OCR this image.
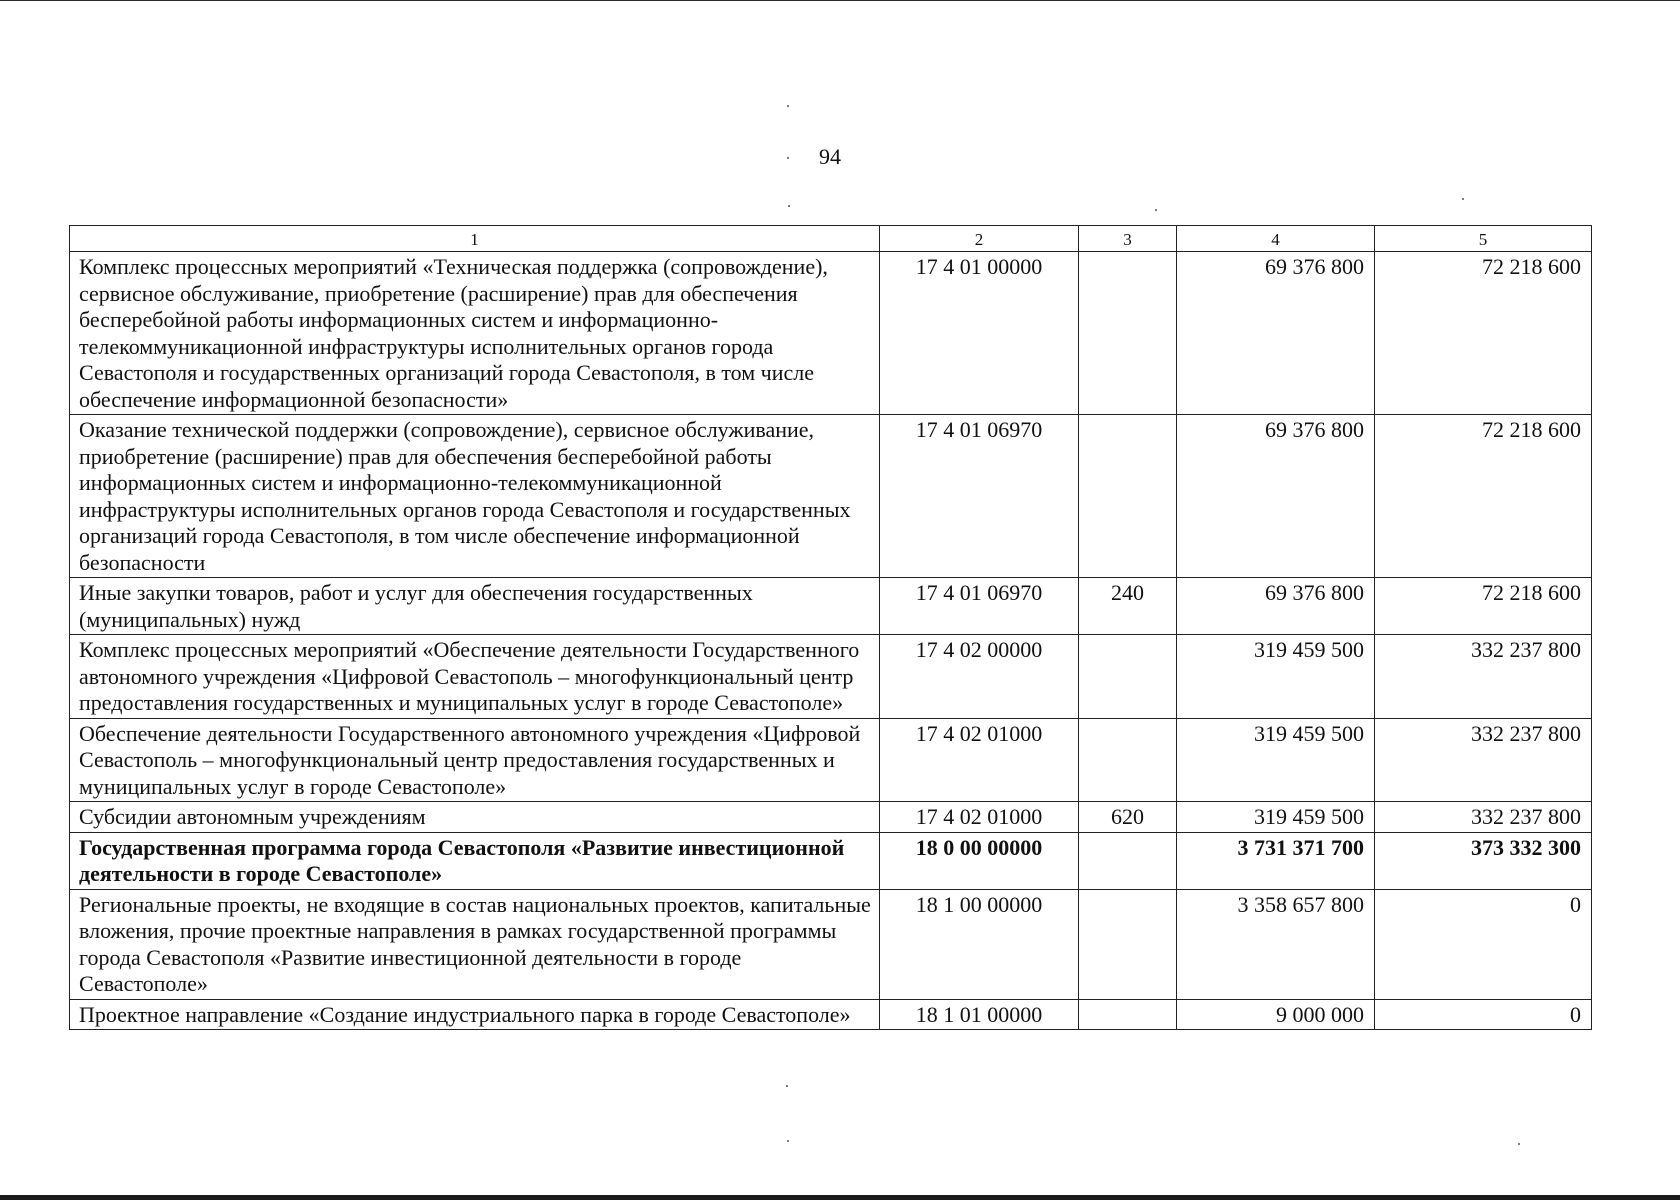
94
1	2	3	4	5
Комплекс процессных мероприятий «Техническая поддержка (сопровождение), сервисное обслуживание, приобретение (расширение) прав для обеспечения бесперебойной работы информационных систем и информационно-телекоммуникационной инфраструктуры исполнительных органов города Севастополя и государственных организаций города Севастополя, в том числе обеспечение информационной безопасности»	17 4 01 00000		69 376 800	72 218 600
Оказание технической поддержки (сопровождение), сервисное обслуживание, приобретение (расширение) прав для обеспечения бесперебойной работы информационных систем и информационно-телекоммуникационной инфраструктуры исполнительных органов города Севастополя и государственных организаций города Севастополя, в том числе обеспечение информационной безопасности	17 4 01 06970		69 376 800	72 218 600
Иные закупки товаров, работ и услуг для обеспечения государственных (муниципальных) нужд	17 4 01 06970	240	69 376 800	72 218 600
Комплекс процессных мероприятий «Обеспечение деятельности Государственного автономного учреждения «Цифровой Севастополь – многофункциональный центр предоставления государственных и муниципальных услуг в городе Севастополе»	17 4 02 00000		319 459 500	332 237 800
Обеспечение деятельности Государственного автономного учреждения «Цифровой Севастополь – многофункциональный центр предоставления государственных и муниципальных услуг в городе Севастополе»	17 4 02 01000		319 459 500	332 237 800
Субсидии автономным учреждениям	17 4 02 01000	620	319 459 500	332 237 800
Государственная программа города Севастополя «Развитие инвестиционной деятельности в городе Севастополе»	18 0 00 00000		3 731 371 700	373 332 300
Региональные проекты, не входящие в состав национальных проектов, капитальные вложения, прочие проектные направления в рамках государственной программы города Севастополя «Развитие инвестиционной деятельности в городе Севастополе»	18 1 00 00000		3 358 657 800	0
Проектное направление «Создание индустриального парка в городе Севастополе»	18 1 01 00000		9 000 000	0
